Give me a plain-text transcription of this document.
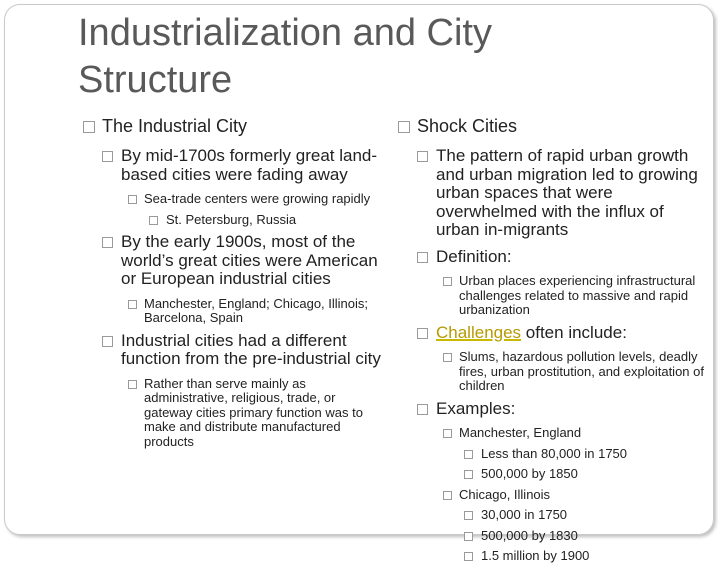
Industrialization and City Structure
The Industrial City
By mid-1700s formerly great land-based cities were fading away
Sea-trade centers were growing rapidly
St. Petersburg, Russia
By the early 1900s, most of the world’s great cities were American or European industrial cities
Manchester, England; Chicago, Illinois; Barcelona, Spain
Industrial cities had a different function from the pre-industrial city
Rather than serve mainly as administrative, religious, trade, or gateway cities primary function was to make and distribute manufactured products
Shock Cities
The pattern of rapid urban growth and urban migration led to growing urban spaces that were overwhelmed with the influx of urban in-migrants
Definition:
Urban places experiencing infrastructural challenges related to massive and rapid urbanization
Challenges often include:
Slums, hazardous pollution levels, deadly fires, urban prostitution, and exploitation of children
Examples:
Manchester, England
Less than 80,000 in 1750
500,000 by 1850
Chicago, Illinois
30,000 in 1750
500,000 by 1830
1.5 million by 1900
